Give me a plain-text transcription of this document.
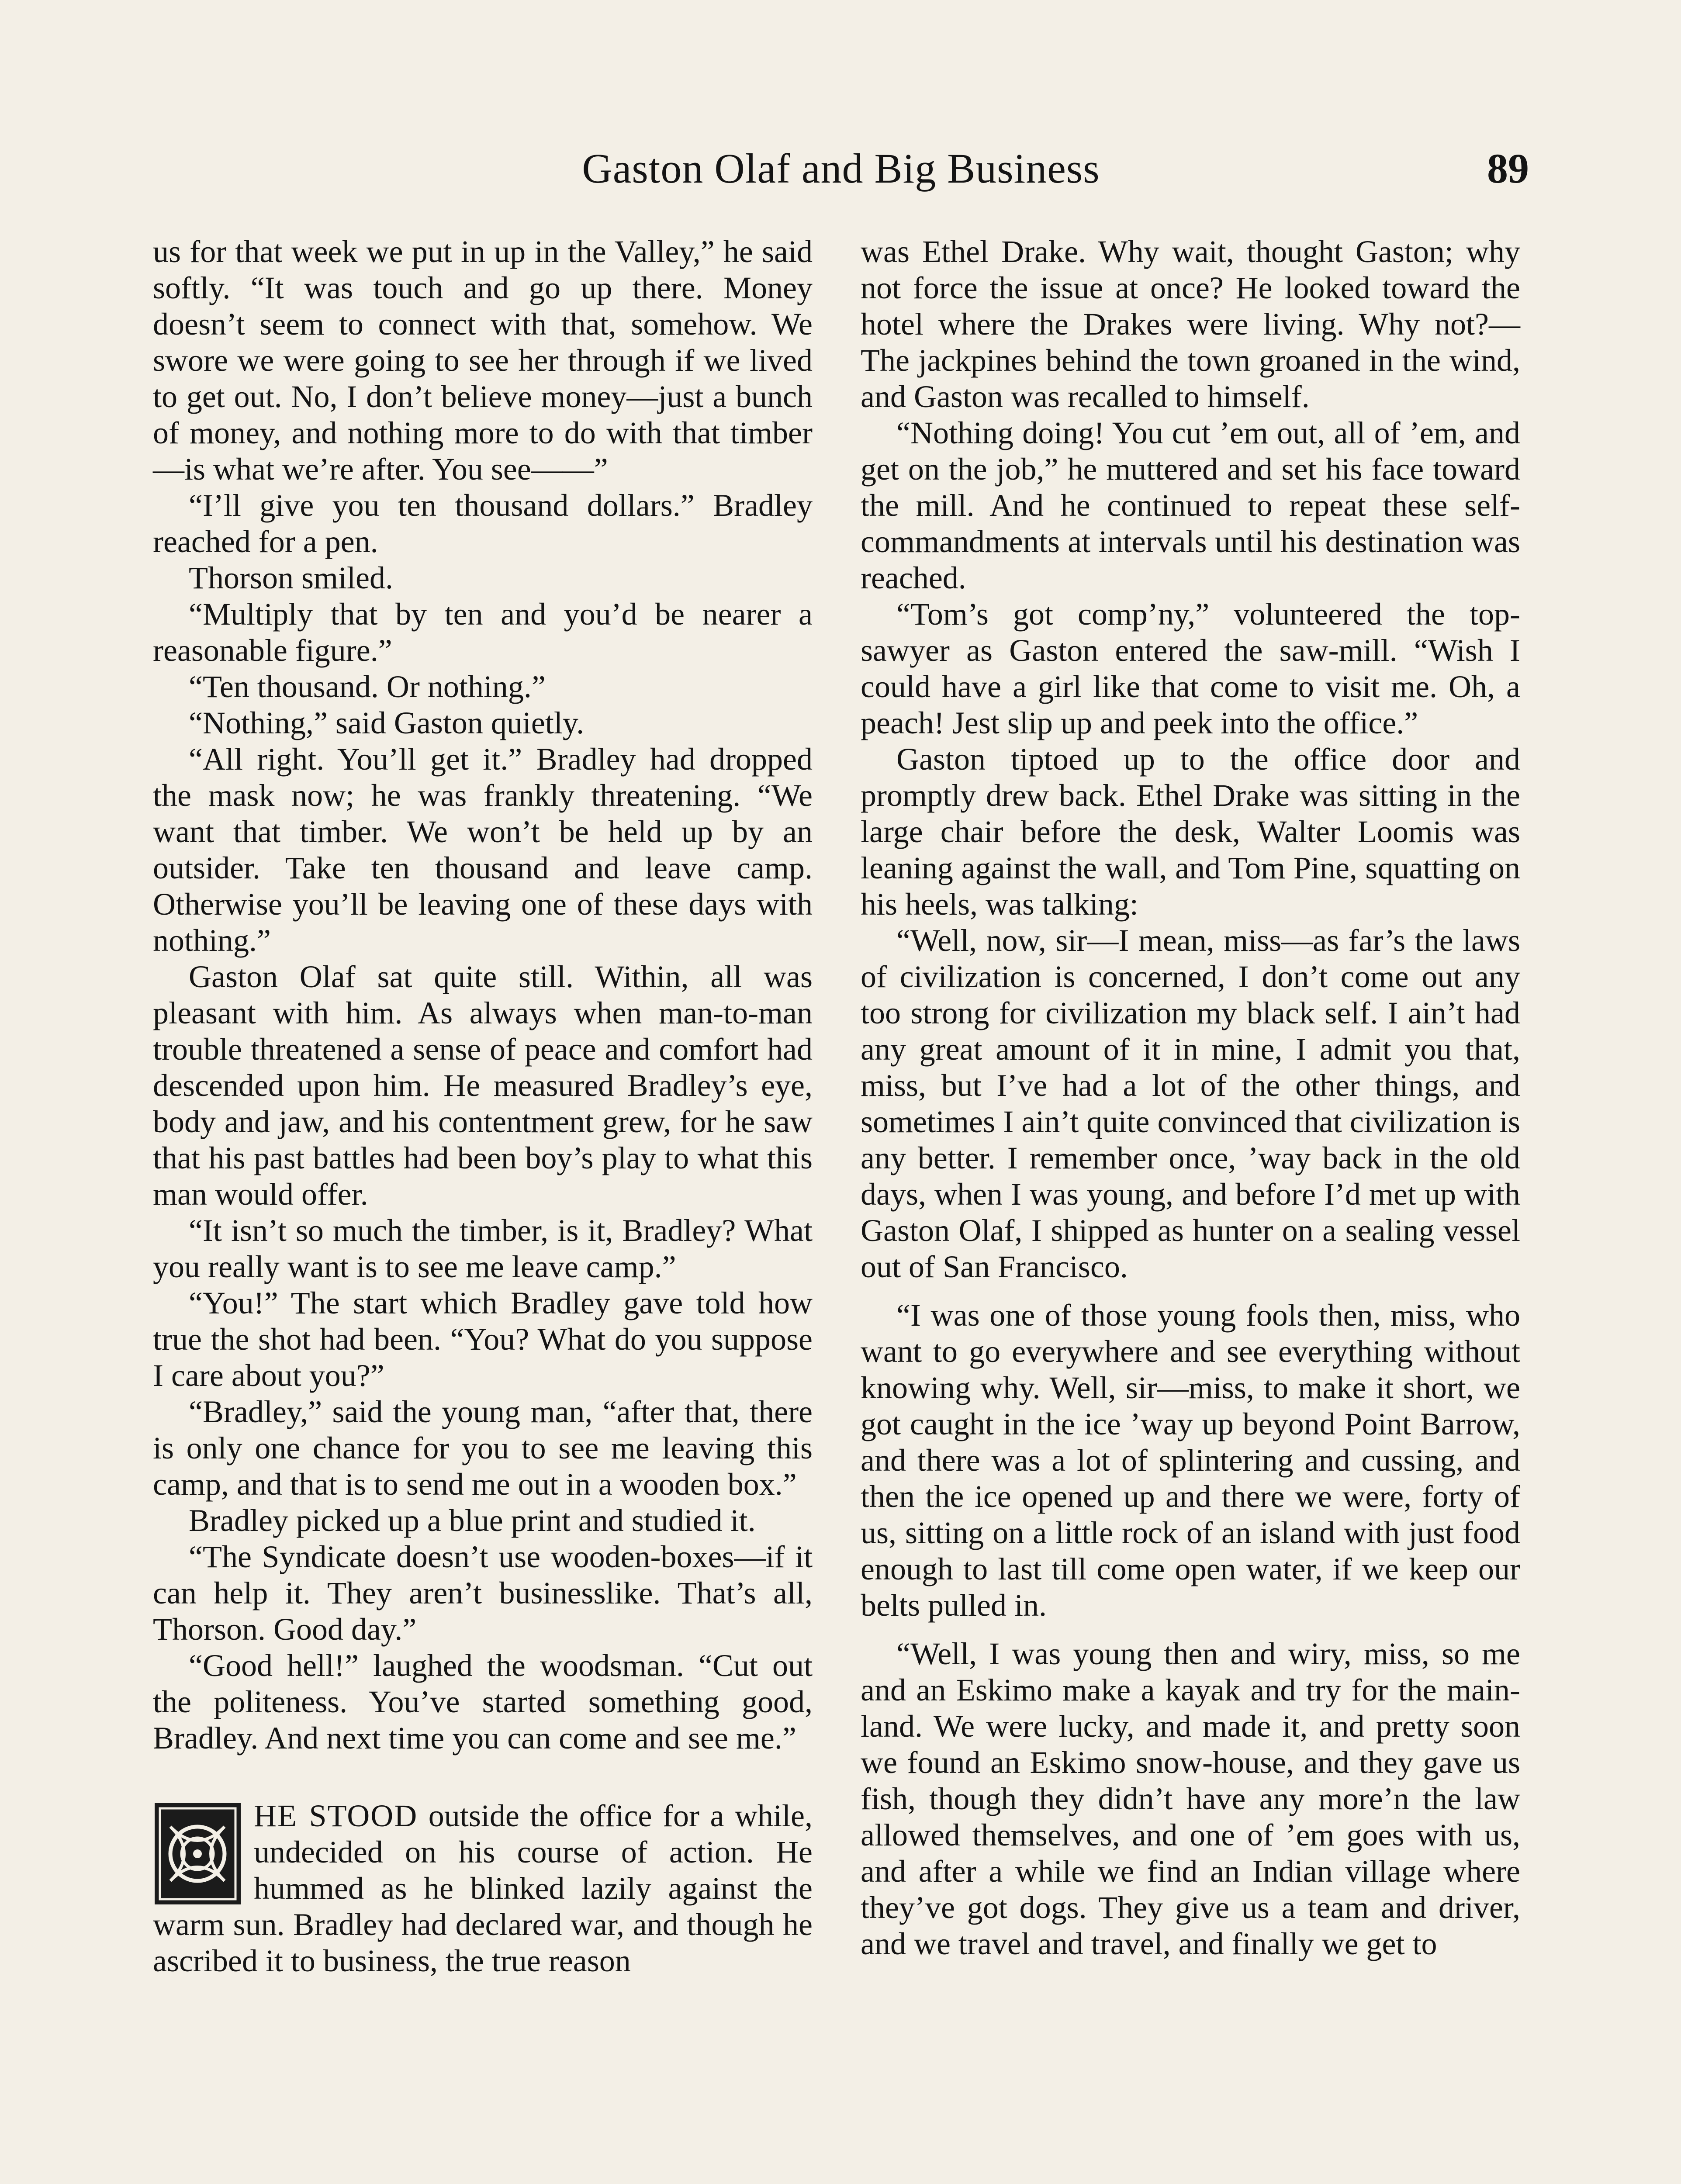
Gaston Olaf and Big Business	89

us for that week we put in up in the Valley,” he said softly. “It was touch and go up there. Money doesn’t seem to connect with that, somehow. We swore we were going to see her through if we lived to get out. No, I don’t believe money—just a bunch of money, and nothing more to do with that timber—is what we’re after. You see——”

“I’ll give you ten thousand dollars.” Bradley reached for a pen.

Thorson smiled.

“Multiply that by ten and you’d be nearer a reasonable figure.”

“Ten thousand. Or nothing.”

“Nothing,” said Gaston quietly.

“All right. You’ll get it.” Bradley had dropped the mask now; he was frankly threatening. “We want that timber. We won’t be held up by an outsider. Take ten thousand and leave camp. Otherwise you’ll be leaving one of these days with nothing.”

Gaston Olaf sat quite still. Within, all was pleasant with him. As always when man-to-man trouble threatened a sense of peace and comfort had descended upon him. He measured Bradley’s eye, body and jaw, and his contentment grew, for he saw that his past battles had been boy’s play to what this man would offer.

“It isn’t so much the timber, is it, Bradley? What you really want is to see me leave camp.”

“You!” The start which Bradley gave told how true the shot had been. “You? What do you suppose I care about you?”

“Bradley,” said the young man, “after that, there is only one chance for you to see me leaving this camp, and that is to send me out in a wooden box.”

Bradley picked up a blue print and studied it.

“The Syndicate doesn’t use wooden-boxes—if it can help it. They aren’t businesslike. That’s all, Thorson. Good day.”

“Good hell!” laughed the woodsman. “Cut out the politeness. You’ve started something good, Bradley. And next time you can come and see me.”

HE STOOD outside the office for a while, undecided on his course of action. He hummed as he blinked lazily against the warm sun. Bradley had declared war, and though he ascribed it to business, the true reason

was Ethel Drake. Why wait, thought Gaston; why not force the issue at once? He looked toward the hotel where the Drakes were living. Why not?—The jackpines behind the town groaned in the wind, and Gaston was recalled to himself.

“Nothing doing! You cut ’em out, all of ’em, and get on the job,” he muttered and set his face toward the mill. And he continued to repeat these self-commandments at intervals until his destination was reached.

“Tom’s got comp’ny,” volunteered the top-sawyer as Gaston entered the saw-mill. “Wish I could have a girl like that come to visit me. Oh, a peach! Jest slip up and peek into the office.”

Gaston tiptoed up to the office door and promptly drew back. Ethel Drake was sitting in the large chair before the desk, Walter Loomis was leaning against the wall, and Tom Pine, squatting on his heels, was talking:

“Well, now, sir—I mean, miss—as far’s the laws of civilization is concerned, I don’t come out any too strong for civilization my black self. I ain’t had any great amount of it in mine, I admit you that, miss, but I’ve had a lot of the other things, and sometimes I ain’t quite convinced that civilization is any better. I remember once, ’way back in the old days, when I was young, and before I’d met up with Gaston Olaf, I shipped as hunter on a sealing vessel out of San Francisco.

“I was one of those young fools then, miss, who want to go everywhere and see everything without knowing why. Well, sir—miss, to make it short, we got caught in the ice ’way up beyond Point Barrow, and there was a lot of splintering and cussing, and then the ice opened up and there we were, forty of us, sitting on a little rock of an island with just food enough to last till come open water, if we keep our belts pulled in.

“Well, I was young then and wiry, miss, so me and an Eskimo make a kayak and try for the main-land. We were lucky, and made it, and pretty soon we found an Eskimo snow-house, and they gave us fish, though they didn’t have any more’n the law allowed themselves, and one of ’em goes with us, and after a while we find an Indian village where they’ve got dogs. They give us a team and driver, and we travel and travel, and finally we get to
